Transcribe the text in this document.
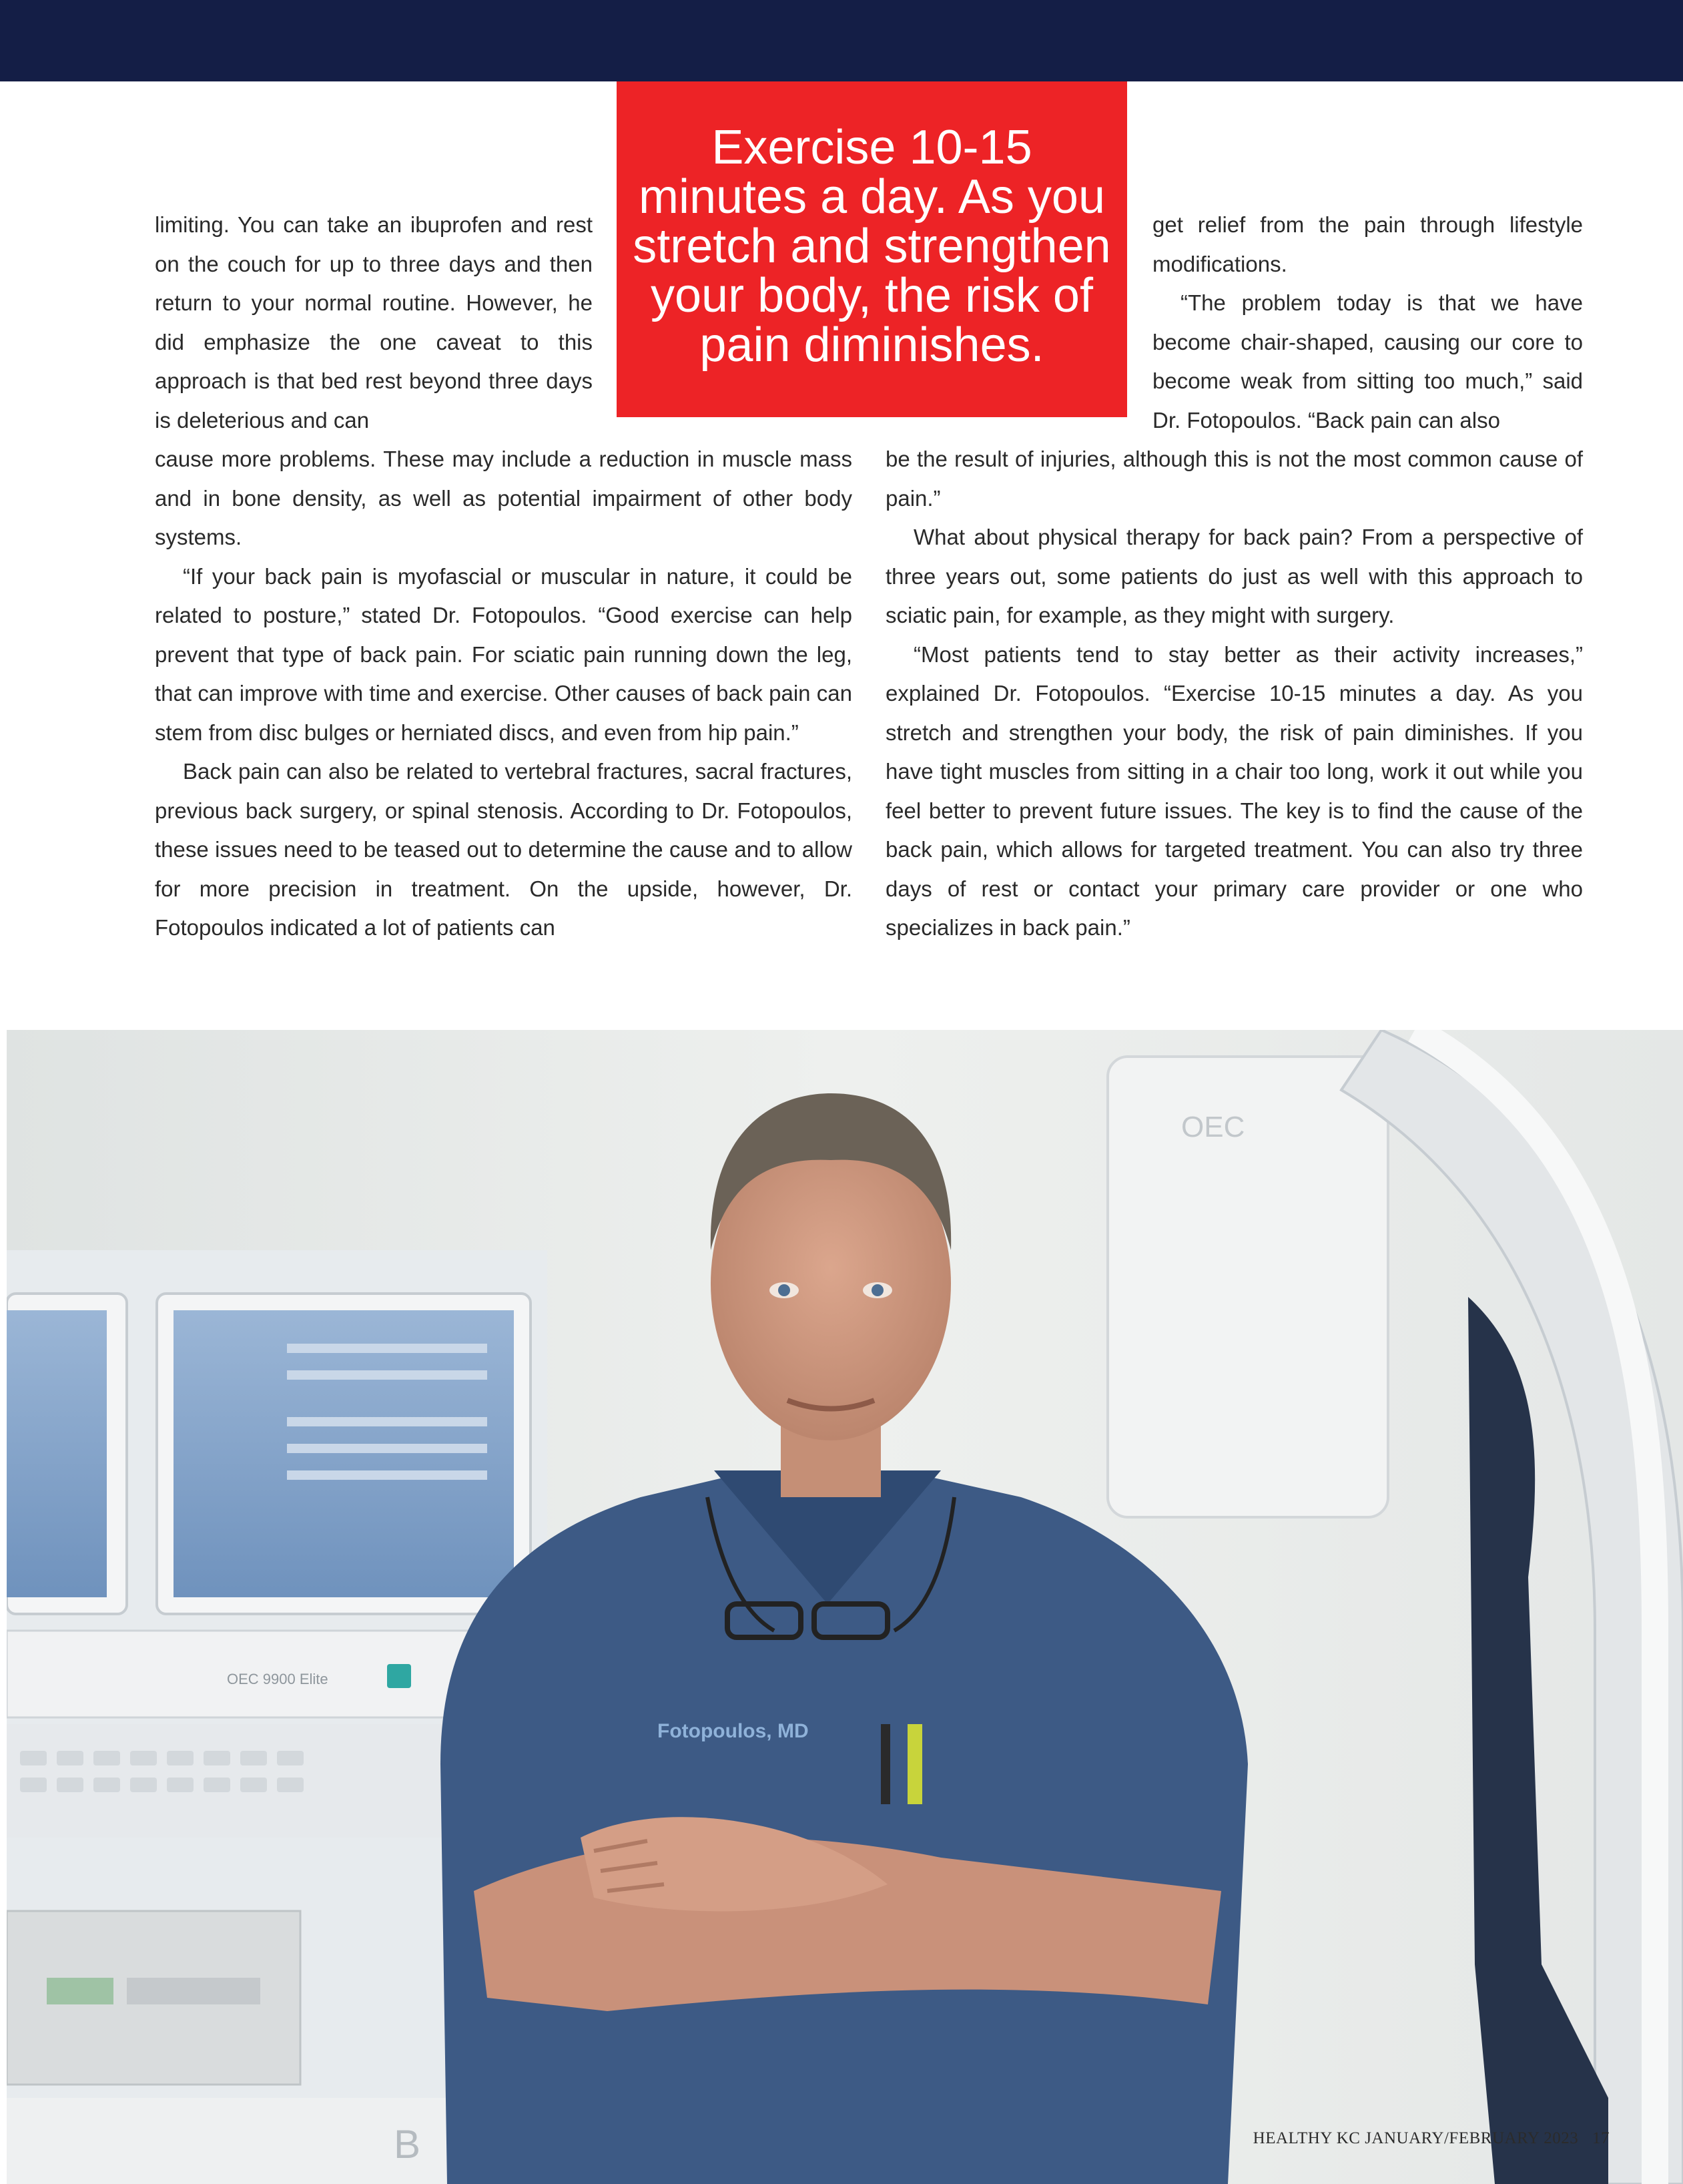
limiting. You can take an ibuprofen and rest on the couch for up to three days and then return to your normal routine. However, he did emphasize the one caveat to this approach is that bed rest beyond three days is deleterious and can

cause more problems. These may include a reduction in muscle mass and in bone density, as well as potential impairment of other body systems.

“If your back pain is myofascial or muscular in nature, it could be related to posture,” stated Dr. Fotopoulos. “Good exercise can help prevent that type of back pain. For sciatic pain running down the leg, that can improve with time and exercise. Other causes of back pain can stem from disc bulges or herniated discs, and even from hip pain.”

Back pain can also be related to vertebral fractures, sacral fractures, previous back surgery, or spinal stenosis. According to Dr. Fotopoulos, these issues need to be teased out to determine the cause and to allow for more precision in treatment. On the upside, however, Dr. Fotopoulos indicated a lot of patients can

get relief from the pain through lifestyle modifications.

“The problem today is that we have become chair-shaped, causing our core to become weak from sitting too much,” said Dr. Fotopoulos. “Back pain can also

be the result of injuries, although this is not the most common cause of pain.”

What about physical therapy for back pain? From a perspective of three years out, some patients do just as well with this approach to sciatic pain, for example, as they might with surgery.

“Most patients tend to stay better as their activity increases,” explained Dr. Fotopoulos. “Exercise 10-15 minutes a day. As you stretch and strengthen your body, the risk of pain diminishes. If you have tight muscles from sitting in a chair too long, work it out while you feel better to prevent future issues. The key is to find the cause of the back pain, which allows for targeted treatment. You can also try three days of rest or contact your primary care provider or one who specializes in back pain.”

Exercise 10-15
minutes a day. As you
stretch and strengthen
your body, the risk of
pain diminishes.
OEC 9900 Elite
B
OEC
Fotopoulos, MD
HEALTHY KC JANUARY/FEBRUARY 2023 17
